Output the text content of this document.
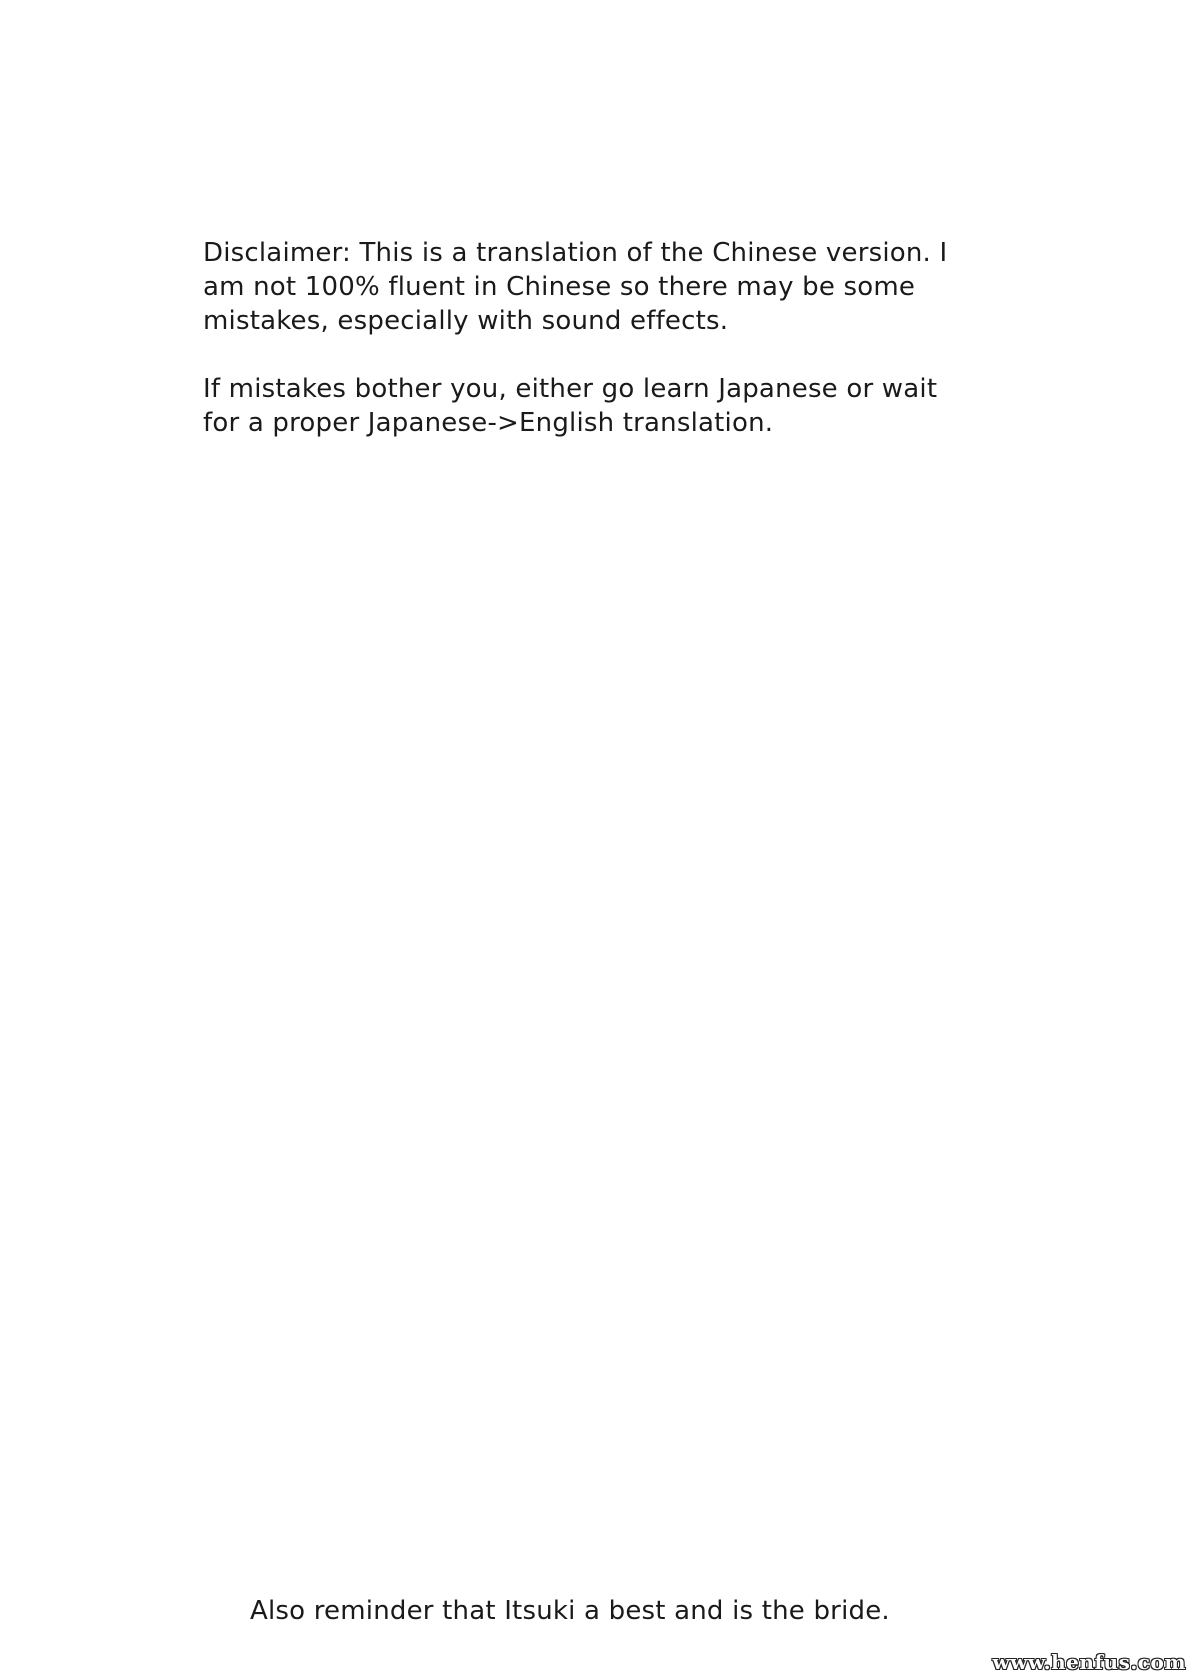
Disclaimer: This is a translation of the Chinese version. I
am not 100% fluent in Chinese so there may be some
mistakes, especially with sound effects.

If mistakes bother you, either go learn Japanese or wait
for a proper Japanese->English translation.

Also reminder that Itsuki a best and is the bride.

www.henfus.com
